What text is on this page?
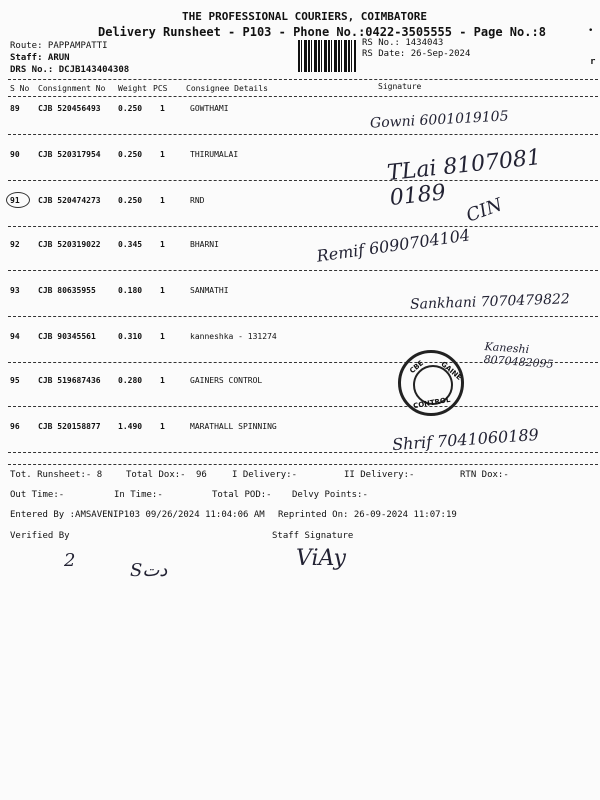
THE PROFESSIONAL COURIERS, COIMBATORE
Delivery Runsheet - P103 - Phone No.:0422-3505555 - Page No.:8	•
Route: PAPPAMPATTI
Staff: ARUN
DRS No.: DCJB143404308
RS No.: 1434043
RS Date: 26-Sep-2024
r
S No Consignment No Weight PCS Consignee Details	Signature
89 CJB 520456493 0.250 1	GOWTHAMI	Gowni 6001019105
90 CJB 520317954 0.250 1	THIRUMALAI	TLai 8107081 0189
91 CJB 520474273 0.250 1	RND	CIN
92 CJB 520319022 0.345 1	BHARNI	Remif 6090704104
93 CJB 80635955	0.180 1	SANMATHI
Sankhani 7070479822
94 CJB 90345561	0.310 1	kanneshka - 131274
Kaneshi 8070482095
95 CJB 519687436 0.280 1	GAINERS CONTROL
96 CJB 520158877 1.490 1	MARATHALL SPINNING	Shrif 7041060189
CBE GAINE
CONTROL
Tot. Runsheet:- 8	Total Dox:- 96	I Delivery:-	II Delivery:-	RTN Dox:-
Out Time:-	In Time:-	Total POD:- Delvy Points:-
Entered By :AMSAVENIP103 09/26/2024 11:04:06 AM Reprinted On: 26-09-2024 11:07:19
Verified By	Staff Signature
2	Sدت	ViAy
